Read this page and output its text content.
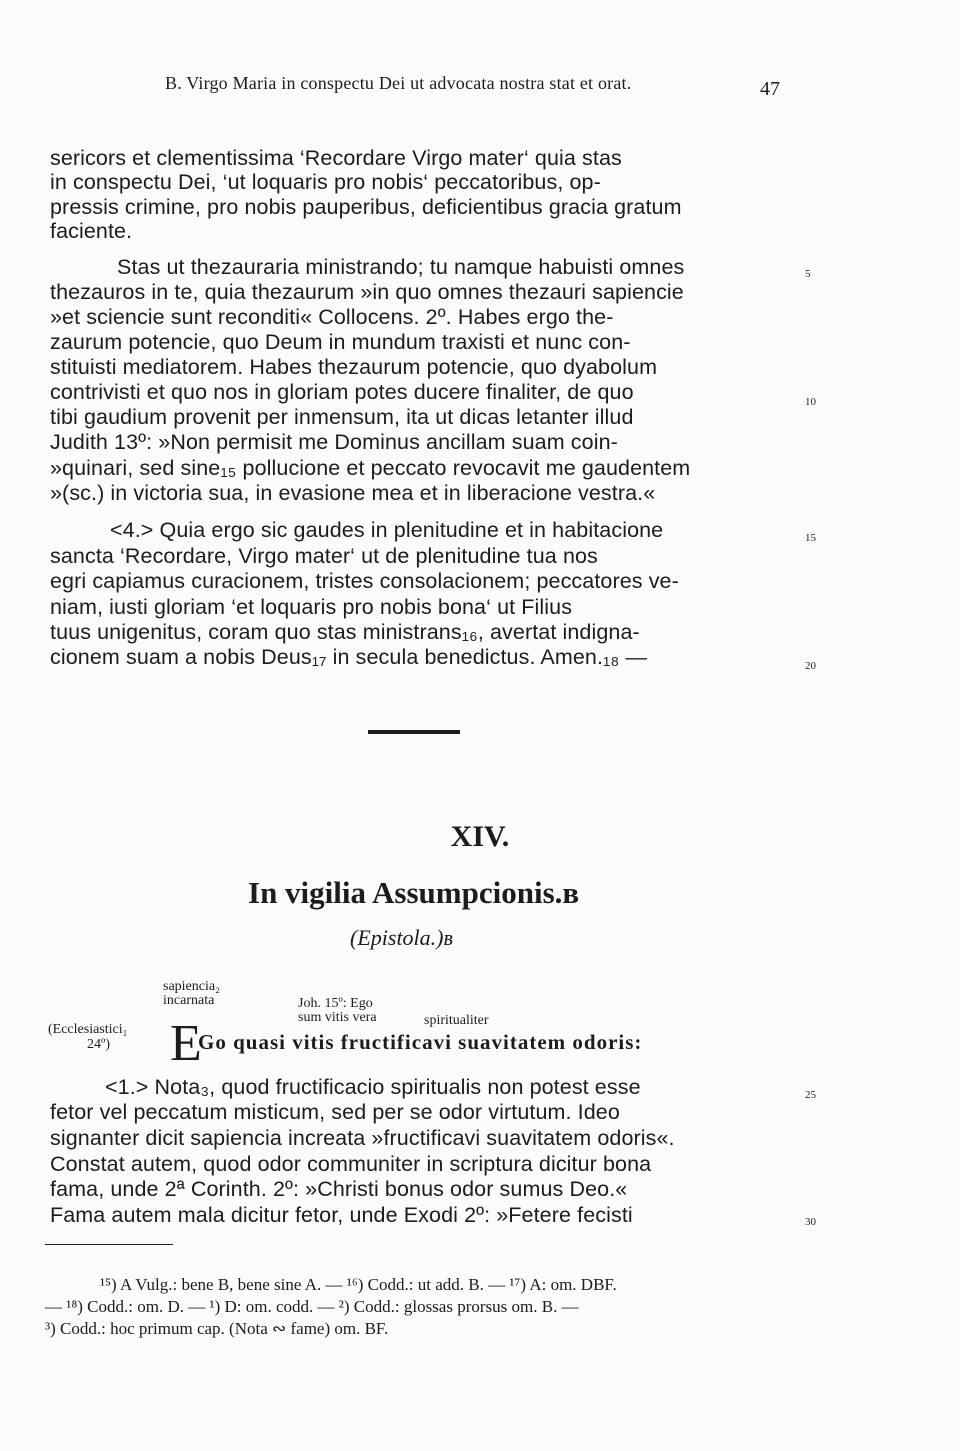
B. Virgo Maria in conspectu Dei ut advocata nostra stat et orat.	47
sericors et clementissima ‘Recordare Virgo mater‘ quia stas
in conspectu Dei, ‘ut loquaris pro nobis‘ peccatoribus, op-
pressis crimine, pro nobis pauperibus, deficientibus gracia gratum
faciente.
Stas ut thezauraria ministrando; tu namque habuisti omnes
thezauros in te, quia thezaurum »in quo omnes thezauri sapiencie
»et sciencie sunt reconditi« Collocens. 2º. Habes ergo the-
zaurum potencie, quo Deum in mundum traxisti et nunc con-
stituisti mediatorem. Habes thezaurum potencie, quo dyabolum
contrivisti et quo nos in gloriam potes ducere finaliter, de quo
tibi gaudium provenit per inmensum, ita ut dicas letanter illud
Judith 13º: »Non permisit me Dominus ancillam suam coin-
»quinari, sed sine₁₅ pollucione et peccato revocavit me gaudentem
»(sc.) in victoria sua, in evasione mea et in liberacione vestra.«
<4.> Quia ergo sic gaudes in plenitudine et in habitacione
sancta ‘Recordare, Virgo mater‘ ut de plenitudine tua nos
egri capiamus curacionem, tristes consolacionem; peccatores ve-
niam, iusti gloriam ‘et loquaris pro nobis bona‘ ut Filius
tuus unigenitus, coram quo stas ministrans₁₆, avertat indigna-
cionem suam a nobis Deus₁₇ in secula benedictus. Amen.₁₈ —
5
10
15
20
XIV.
In vigilia Assumpcionis.ʙ
(Epistola.)ʙ
sapiencia₂
incarnata	Joh. 15º: Ego
sum vitis vera	spiritualiter
(Ecclesiastici₁
24º) E
Go quasi vitis fructificavi suavitatem odoris:
<1.> Nota₃, quod fructificacio spiritualis non potest esse
fetor vel peccatum misticum, sed per se odor virtutum. Ideo
signanter dicit sapiencia increata »fructificavi suavitatem odoris«.
Constat autem, quod odor communiter in scriptura dicitur bona
fama, unde 2ª Corinth. 2º: »Christi bonus odor sumus Deo.«
Fama autem mala dicitur fetor, unde Exodi 2º: »Fetere fecisti
25
30
¹⁵) A Vulg.: bene B, bene sine A. — ¹⁶) Codd.: ut add. B. — ¹⁷) A: om. DBF.
— ¹⁸) Codd.: om. D. — ¹) D: om. codd. — ²) Codd.: glossas prorsus om. B. —
³) Codd.: hoc primum cap. (Nota ∾ fame) om. BF.
